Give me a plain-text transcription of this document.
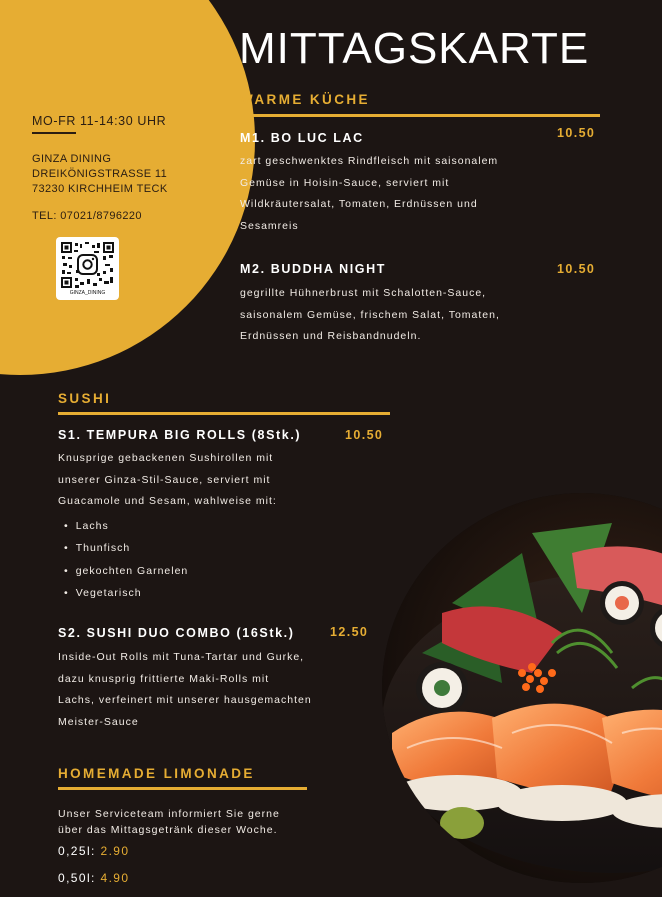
MO-FR 11-14:30 UHR
GINZA DINING
DREIKÖNIGSTRASSE 11
73230 KIRCHHEIM TECK
TEL: 07021/8796220
GINZA_DINING
MITTAGSKARTE
WARME KÜCHE
M1. BO LUC LAC	10.50
zart geschwenktes Rindfleisch mit saisonalem
Gemüse in Hoisin-Sauce, serviert mit
Wildkräutersalat, Tomaten, Erdnüssen und
Sesamreis
M2. BUDDHA NIGHT	10.50
gegrillte Hühnerbrust mit Schalotten-Sauce,
saisonalem Gemüse, frischem Salat, Tomaten,
Erdnüssen und Reisbandnudeln.
SUSHI
S1. TEMPURA BIG ROLLS (8Stk.)	10.50
Knusprige gebackenen Sushirollen mit
unserer Ginza-Stil-Sauce, serviert mit
Guacamole und Sesam, wahlweise mit:
• Lachs
• Thunfisch
• gekochten Garnelen
• Vegetarisch
S2. SUSHI DUO COMBO (16Stk.)	12.50
Inside-Out Rolls mit Tuna-Tartar und Gurke,
dazu knusprig frittierte Maki-Rolls mit
Lachs, verfeinert mit unserer hausgemachten
Meister-Sauce
HOMEMADE LIMONADE
Unser Serviceteam informiert Sie gerne
über das Mittagsgetränk dieser Woche.
0,25l: 2.90
0,50l: 4.90
